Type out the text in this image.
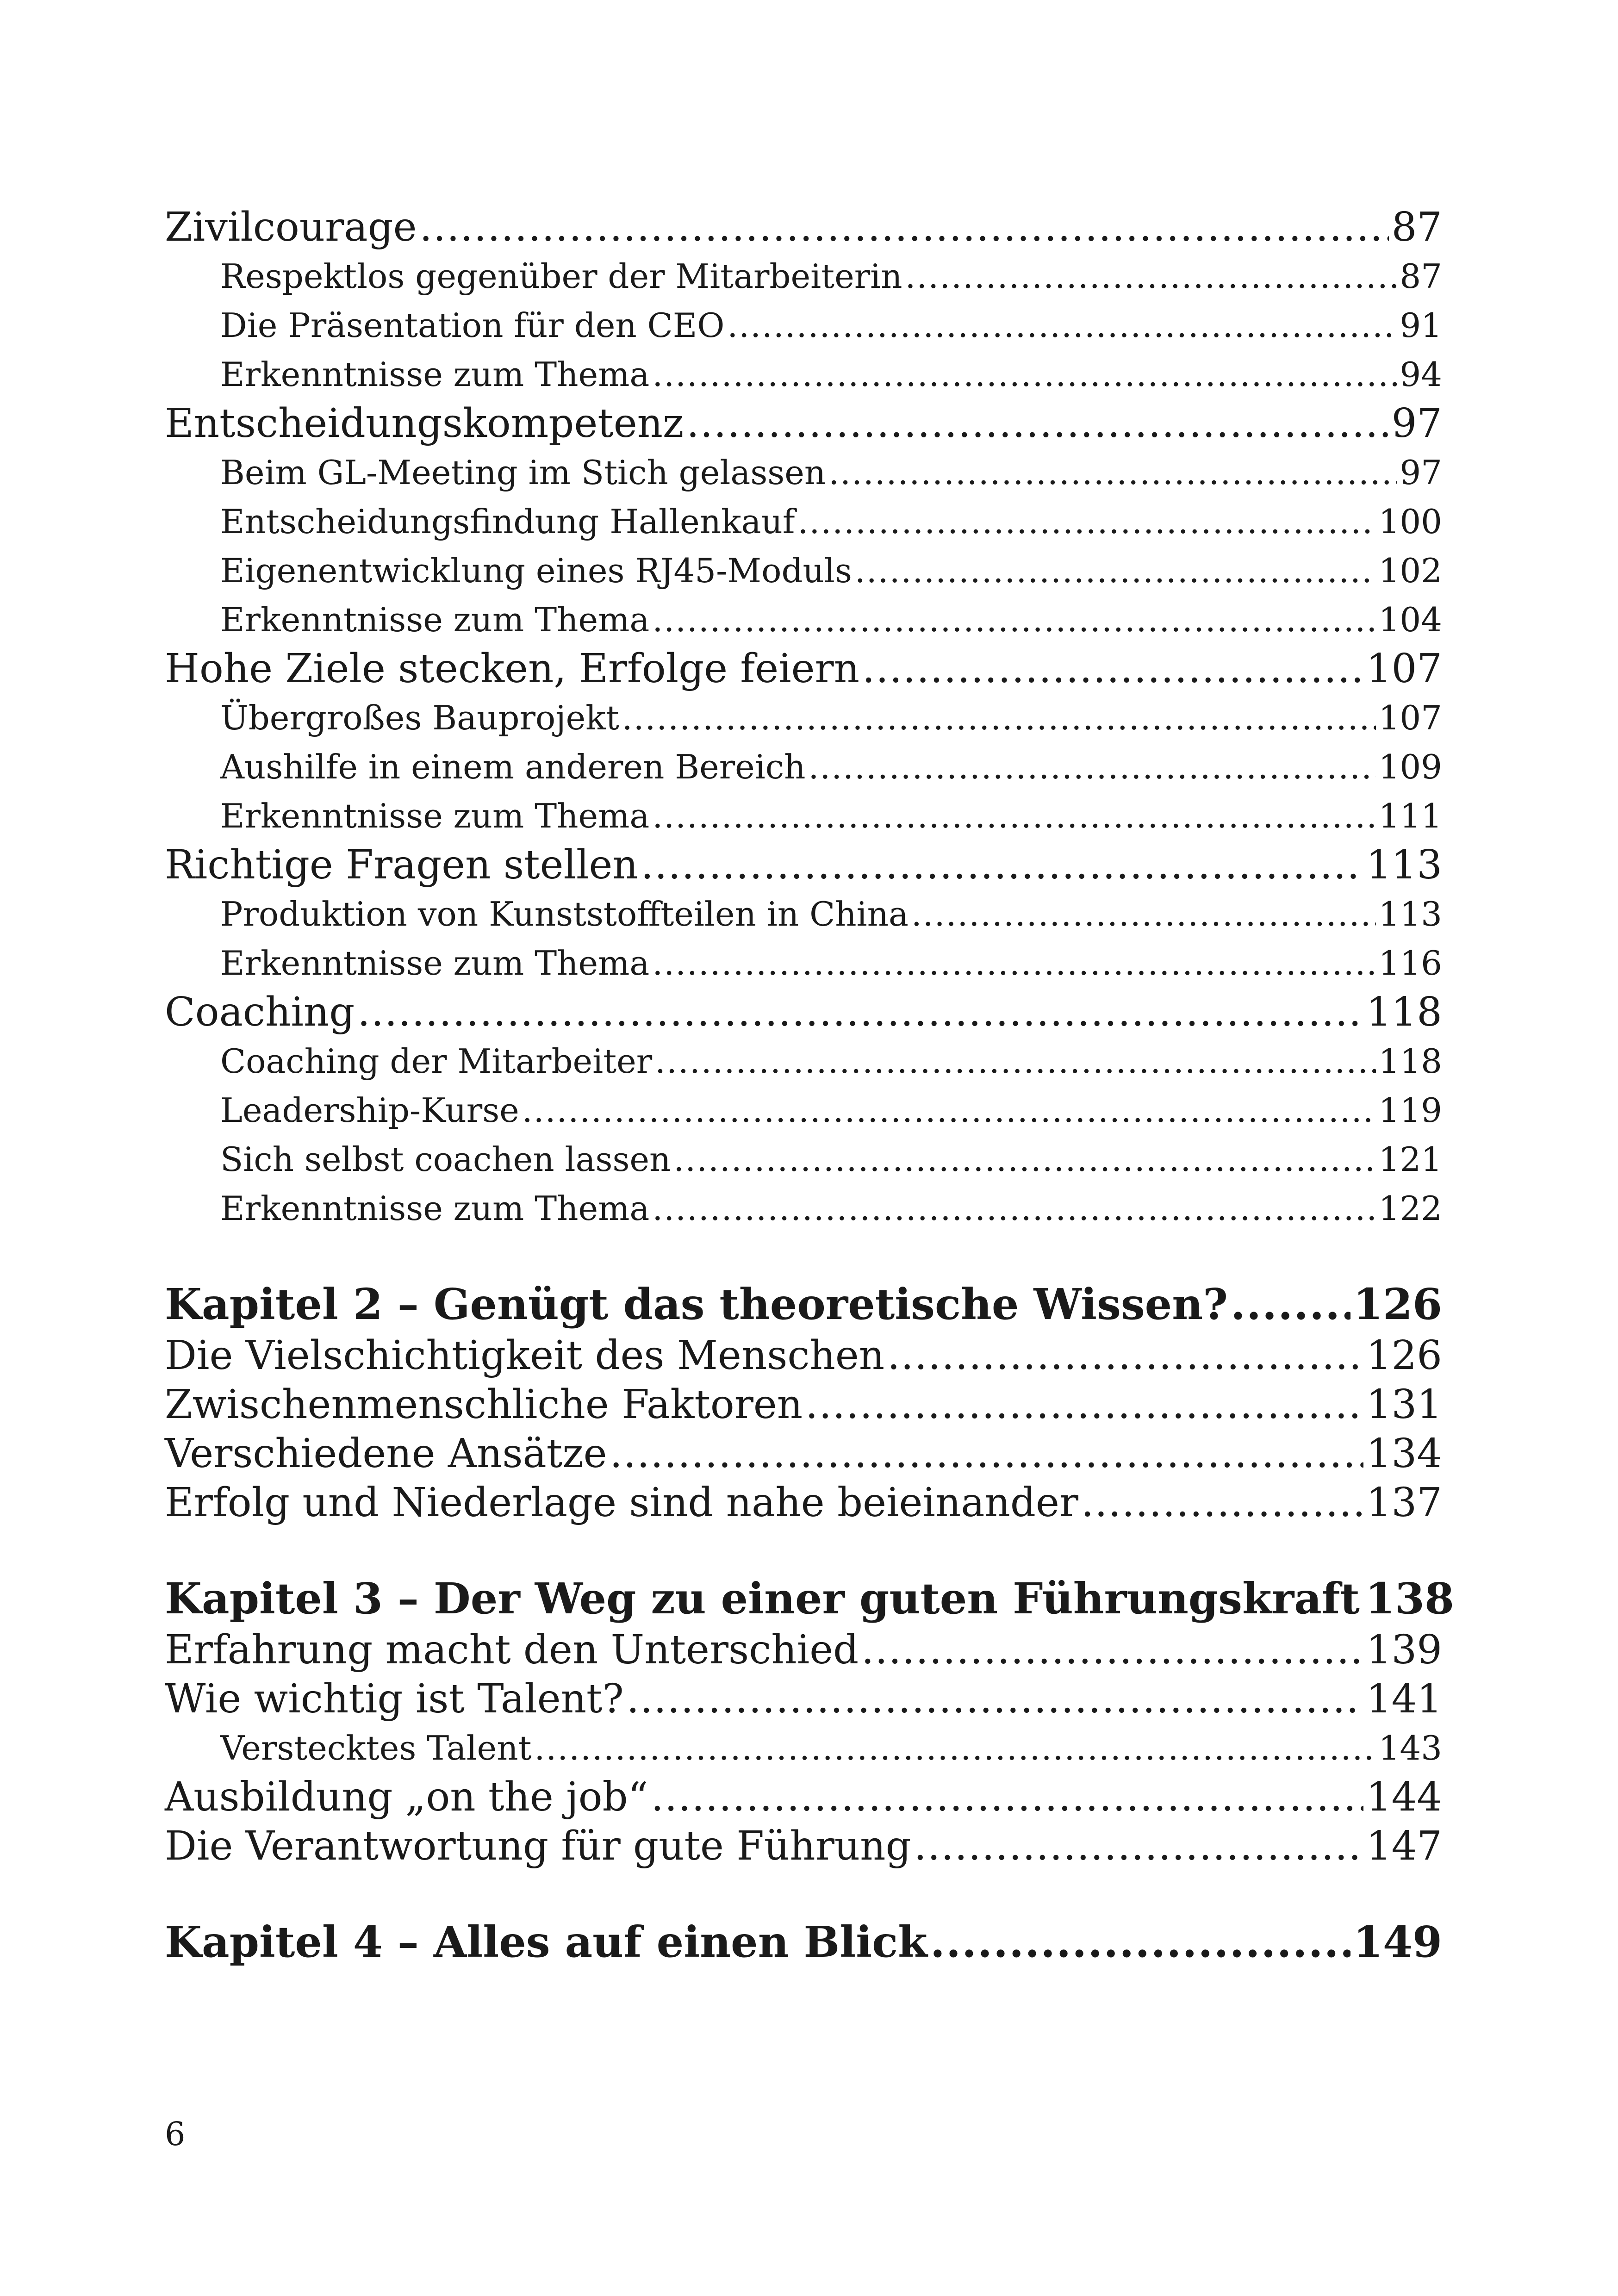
Zivilcourage .....	87
Respektlos gegenüber der Mitarbeiterin .....	87
Die Präsentation für den CEO .....	91
Erkenntnisse zum Thema .....	94
Entscheidungskompetenz .....	97
Beim GL-Meeting im Stich gelassen .....	97
Entscheidungsfindung Hallenkauf .....	100
Eigenentwicklung eines RJ45-Moduls .....	102
Erkenntnisse zum Thema .....	104
Hohe Ziele stecken, Erfolge feiern .....	107
Übergroßes Bauprojekt .....	107
Aushilfe in einem anderen Bereich .....	109
Erkenntnisse zum Thema .....	111
Richtige Fragen stellen .....	113
Produktion von Kunststoffteilen in China .....	113
Erkenntnisse zum Thema .....	116
Coaching .....	118
Coaching der Mitarbeiter .....	118
Leadership-Kurse .....	119
Sich selbst coachen lassen .....	121
Erkenntnisse zum Thema .....	122
Kapitel 2 – Genügt das theoretische Wissen? .....	126
Die Vielschichtigkeit des Menschen .....	126
Zwischenmenschliche Faktoren .....	131
Verschiedene Ansätze .....	134
Erfolg und Niederlage sind nahe beieinander .....	137
Kapitel 3 – Der Weg zu einer guten Führungskraft 138
Erfahrung macht den Unterschied .....	139
Wie wichtig ist Talent? .....	141
Verstecktes Talent .....	143
Ausbildung „on the job“ .....	144
Die Verantwortung für gute Führung .....	147
Kapitel 4 – Alles auf einen Blick .....	149
6
